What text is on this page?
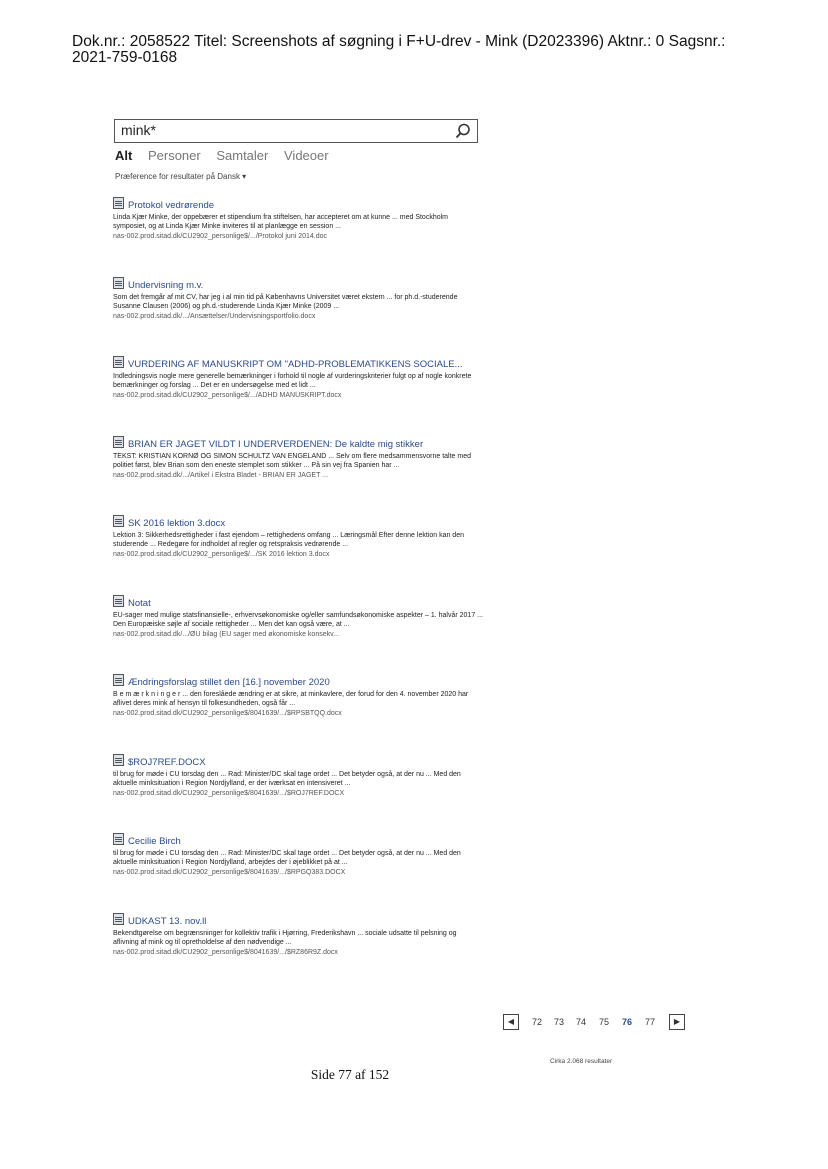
Dok.nr.: 2058522 Titel: Screenshots af søgning i F+U-drev - Mink (D2023396) Aktnr.: 0 Sagsnr.:
2021-759-0168
mink*
Alt Personer Samtaler Videoer
Præference for resultater på Dansk ▾
Protokol vedrørende
Linda Kjær Minke, der oppebærer et stipendium fra stiftelsen, har accepteret om at kunne ... med Stockholm symposiet, og at Linda Kjær Minke inviteres til at planlægge en session ...
nas-002.prod.sitad.dk/CU2902_personlige$/.../Protokol juni 2014.doc
Undervisning m.v.
Som det fremgår af mit CV, har jeg i al min tid på Københavns Universitet været ekstern ... for ph.d.-studerende Susanne Clausen (2006) og ph.d.-studerende Linda Kjær Minke (2009 ...
nas-002.prod.sitad.dk/.../Ansættelser/Undervisningsportfolio.docx
VURDERING AF MANUSKRIPT OM "ADHD-PROBLEMATIKKENS SOCIALE...
Indledningsvis nogle mere generelle bemærkninger i forhold til nogle af vurderingskriterier fulgt op af nogle konkrete bemærkninger og forslag ... Det er en undersøgelse med et lidt ...
nas-002.prod.sitad.dk/CU2902_personlige$/.../ADHD MANUSKRIPT.docx
BRIAN ER JAGET VILDT I UNDERVERDENEN: De kaldte mig stikker
TEKST: KRISTIAN KORNØ OG SIMON SCHULTZ VAN ENGELAND ... Selv om flere medsammensvorne talte med politiet først, blev Brian som den eneste stemplet som stikker ... På sin vej fra Spanien har ...
nas-002.prod.sitad.dk/.../Artikel i Ekstra Bladet - BRIAN ER JAGET ...
SK 2016 lektion 3.docx
Lektion 3: Sikkerhedsrettigheder i fast ejendom – rettighedens omfang ... Læringsmål Efter denne lektion kan den studerende ... Redegøre for indholdet af regler og retspraksis vedrørende ...
nas-002.prod.sitad.dk/CU2902_personlige$/.../SK 2016 lektion 3.docx
Notat
EU-sager med mulige statsfinansielle-, erhvervsøkonomiske og/eller samfundsøkonomiske aspekter – 1. halvår 2017 ... Den Europæiske søjle af sociale rettigheder ... Men det kan også være, at ...
nas-002.prod.sitad.dk/.../ØU bilag (EU sager med økonomiske konsekv...
Ændringsforslag stillet den [16.] november 2020
B e m æ r k n i n g e r ... den foreslåede ændring er at sikre, at minkavlere, der forud for den 4. november 2020 har aflivet deres mink af hensyn til folkesundheden, også får ...
nas-002.prod.sitad.dk/CU2902_personlige$/8041639/.../$RPSBTQQ.docx
$ROJ7REF.DOCX
til brug for møde i CU torsdag den ... Rad: Minister/DC skal tage ordet ... Det betyder også, at der nu ... Med den aktuelle minksituation i Region Nordjylland, er der iværksat en intensiveret ...
nas-002.prod.sitad.dk/CU2902_personlige$/8041639/.../$ROJ7REF.DOCX
Cecilie Birch
til brug for møde i CU torsdag den ... Rad: Minister/DC skal tage ordet ... Det betyder også, at der nu ... Med den aktuelle minksituation i Region Nordjylland, arbejdes der i øjeblikket på at ...
nas-002.prod.sitad.dk/CU2902_personlige$/8041639/.../$RPGQ383.DOCX
UDKAST 13. nov.ll
Bekendtgørelse om begrænsninger for kollektiv trafik i Hjørring, Frederikshavn ... sociale udsatte til pelsning og aflivning af mink og til opretholdelse af den nødvendige ...
nas-002.prod.sitad.dk/CU2902_personlige$/8041639/.../$RZ86R9Z.docx
◀	72 73 74 75 76 77	▶
Cirka 2.068 resultater
Side 77 af 152
